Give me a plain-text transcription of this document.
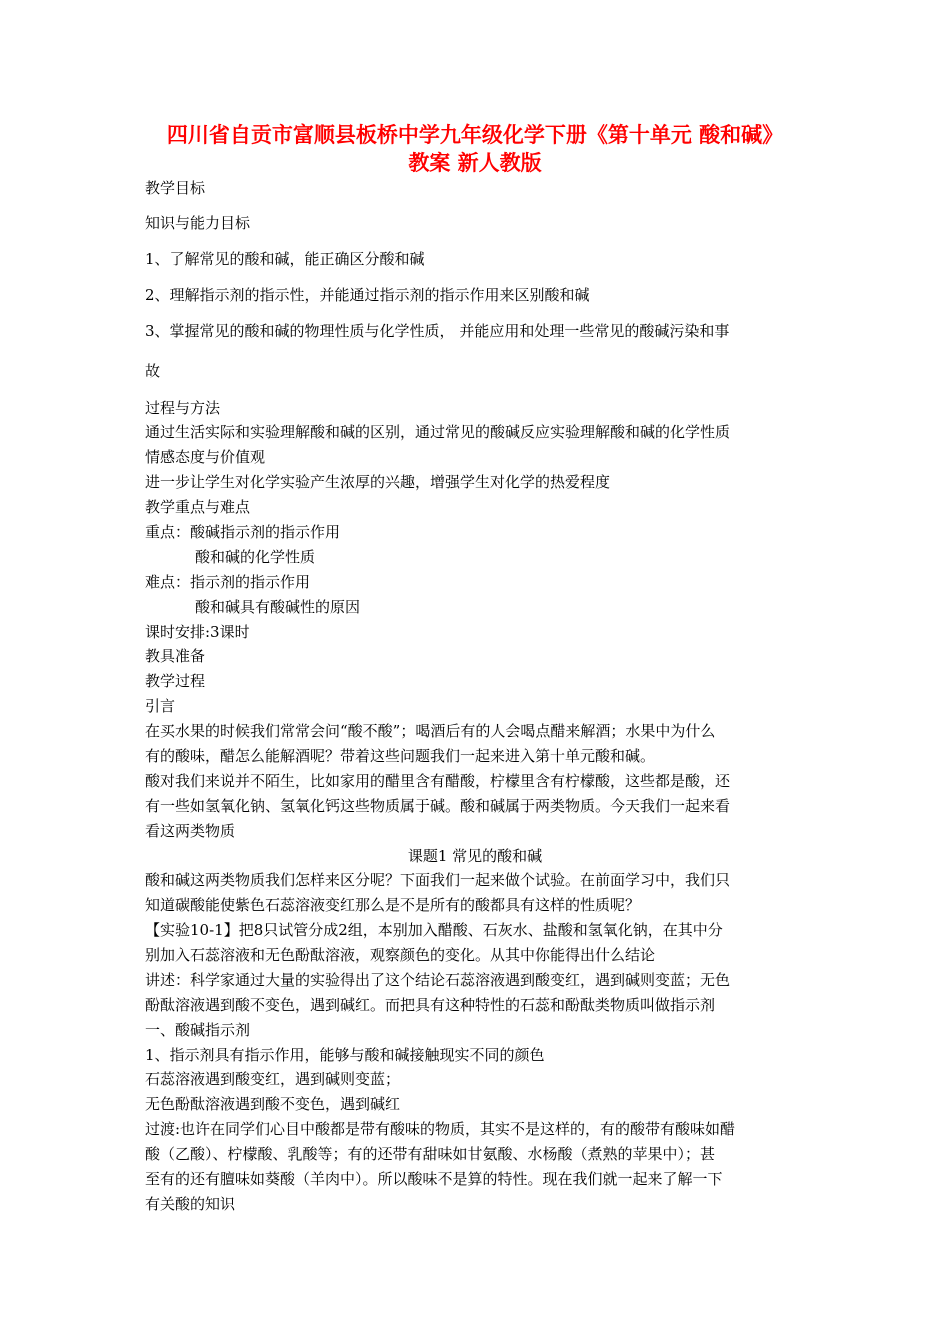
四川省自贡市富顺县板桥中学九年级化学下册《第十单元 酸和碱》
教案 新人教版
教学目标
知识与能力目标
1、了解常见的酸和碱，能正确区分酸和碱
2、理解指示剂的指示性，并能通过指示剂的指示作用来区别酸和碱
3、掌握常见的酸和碱的物理性质与化学性质， 并能应用和处理一些常见的酸碱污染和事
故
过程与方法
通过生活实际和实验理解酸和碱的区别，通过常见的酸碱反应实验理解酸和碱的化学性质
情感态度与价值观
进一步让学生对化学实验产生浓厚的兴趣，增强学生对化学的热爱程度
教学重点与难点
重点：酸碱指示剂的指示作用
酸和碱的化学性质
难点：指示剂的指示作用
酸和碱具有酸碱性的原因
课时安排:3课时
教具准备
教学过程
引言
在买水果的时候我们常常会问“酸不酸”；喝酒后有的人会喝点醋来解酒；水果中为什么
有的酸味，醋怎么能解酒呢？带着这些问题我们一起来进入第十单元酸和碱。
酸对我们来说并不陌生，比如家用的醋里含有醋酸，柠檬里含有柠檬酸，这些都是酸，还
有一些如氢氧化钠、氢氧化钙这些物质属于碱。酸和碱属于两类物质。今天我们一起来看
看这两类物质
课题1 常见的酸和碱
酸和碱这两类物质我们怎样来区分呢？下面我们一起来做个试验。在前面学习中，我们只
知道碳酸能使紫色石蕊溶液变红那么是不是所有的酸都具有这样的性质呢？
【实验10-1】把8只试管分成2组，本别加入醋酸、石灰水、盐酸和氢氧化钠，在其中分
别加入石蕊溶液和无色酚酞溶液，观察颜色的变化。从其中你能得出什么结论
讲述：科学家通过大量的实验得出了这个结论石蕊溶液遇到酸变红，遇到碱则变蓝；无色
酚酞溶液遇到酸不变色，遇到碱红。而把具有这种特性的石蕊和酚酞类物质叫做指示剂
一、酸碱指示剂
1、指示剂具有指示作用，能够与酸和碱接触现实不同的颜色
石蕊溶液遇到酸变红，遇到碱则变蓝；
无色酚酞溶液遇到酸不变色，遇到碱红
过渡:也许在同学们心目中酸都是带有酸味的物质，其实不是这样的，有的酸带有酸味如醋
酸（乙酸）、柠檬酸、乳酸等；有的还带有甜味如甘氨酸、水杨酸（煮熟的苹果中）；甚
至有的还有膻味如葵酸（羊肉中）。所以酸味不是算的特性。现在我们就一起来了解一下
有关酸的知识
